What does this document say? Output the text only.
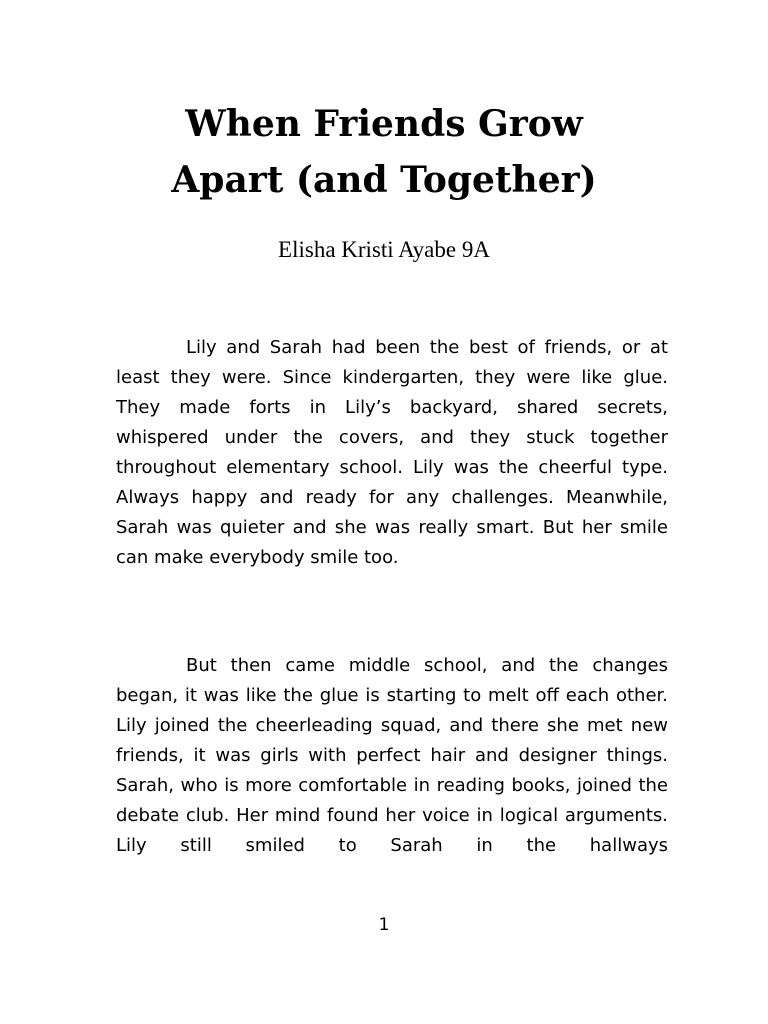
When Friends Grow
Apart (and Together)

Elisha Kristi Ayabe 9A

Lily and Sarah had been the best of friends, or at least they were. Since kindergarten, they were like glue. They made forts in Lily’s backyard, shared secrets, whispered under the covers, and they stuck together throughout elementary school. Lily was the cheerful type. Always happy and ready for any challenges. Meanwhile, Sarah was quieter and she was really smart. But her smile can make everybody smile too.

But then came middle school, and the changes began, it was like the glue is starting to melt off each other. Lily joined the cheerleading squad, and there she met new friends, it was girls with perfect hair and designer things. Sarah, who is more comfortable in reading books, joined the debate club. Her mind found her voice in logical arguments. Lily still smiled to Sarah in the hallways

1
